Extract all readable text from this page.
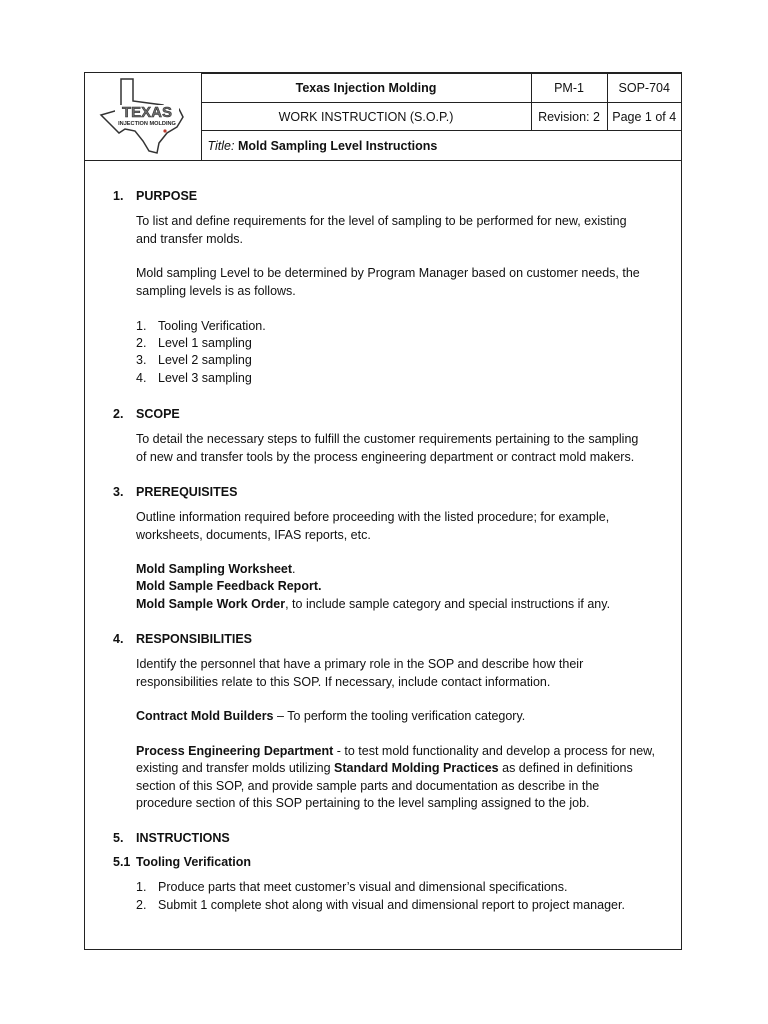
TEXAS
INJECTION MOLDING	Texas Injection Molding	PM-1	SOP-704
	WORK INSTRUCTION (S.O.P.)	Revision: 2	Page 1 of 4
	Title: Mold Sampling Level Instructions		
1. PURPOSE
To list and define requirements for the level of sampling to be performed for new, existing
and transfer molds.
Mold sampling Level to be determined by Program Manager based on customer needs, the
sampling levels is as follows.
1. Tooling Verification.
2. Level 1 sampling
3. Level 2 sampling
4. Level 3 sampling
2. SCOPE
To detail the necessary steps to fulfill the customer requirements pertaining to the sampling
of new and transfer tools by the process engineering department or contract mold makers.
3. PREREQUISITES
Outline information required before proceeding with the listed procedure; for example,
worksheets, documents, IFAS reports, etc.
Mold Sampling Worksheet.
Mold Sample Feedback Report.
Mold Sample Work Order, to include sample category and special instructions if any.
4. RESPONSIBILITIES
Identify the personnel that have a primary role in the SOP and describe how their
responsibilities relate to this SOP. If necessary, include contact information.
Contract Mold Builders – To perform the tooling verification category.
Process Engineering Department - to test mold functionality and develop a process for new,
existing and transfer molds utilizing Standard Molding Practices as defined in definitions
section of this SOP, and provide sample parts and documentation as describe in the
procedure section of this SOP pertaining to the level sampling assigned to the job.
5. INSTRUCTIONS
5.1 Tooling Verification
1. Produce parts that meet customer’s visual and dimensional specifications.
2. Submit 1 complete shot along with visual and dimensional report to project manager.
